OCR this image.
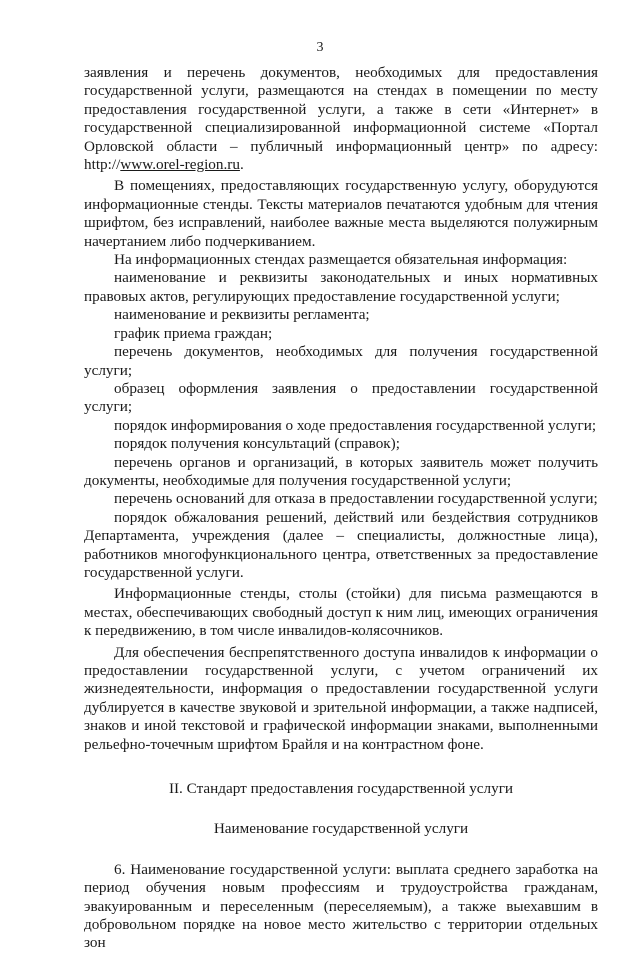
3

заявления и перечень документов, необходимых для предоставления государственной услуги, размещаются на стендах в помещении по месту предоставления государственной услуги, а также в сети «Интернет» в государственной специализированной информационной системе «Портал Орловской области – публичный информационный центр» по адресу: http://www.orel-region.ru.

В помещениях, предоставляющих государственную услугу, оборудуются информационные стенды. Тексты материалов печатаются удобным для чтения шрифтом, без исправлений, наиболее важные места выделяются полужирным начертанием либо подчеркиванием.

На информационных стендах размещается обязательная информация:

наименование и реквизиты законодательных и иных нормативных правовых актов, регулирующих предоставление государственной услуги;

наименование и реквизиты регламента;

график приема граждан;

перечень документов, необходимых для получения государственной услуги;

образец оформления заявления о предоставлении государственной услуги;

порядок информирования о ходе предоставления государственной услуги;

порядок получения консультаций (справок);

перечень органов и организаций, в которых заявитель может получить документы, необходимые для получения государственной услуги;

перечень оснований для отказа в предоставлении государственной услуги;

порядок обжалования решений, действий или бездействия сотрудников Департамента, учреждения (далее – специалисты, должностные лица), работников многофункционального центра, ответственных за предоставление государственной услуги.

Информационные стенды, столы (стойки) для письма размещаются в местах, обеспечивающих свободный доступ к ним лиц, имеющих ограничения к передвижению, в том числе инвалидов-колясочников.

Для обеспечения беспрепятственного доступа инвалидов к информации о предоставлении государственной услуги, с учетом ограничений их жизнедеятельности, информация о предоставлении государственной услуги дублируется в качестве звуковой и зрительной информации, а также надписей, знаков и иной текстовой и графической информации знаками, выполненными рельефно-точечным шрифтом Брайля и на контрастном фоне.

II. Стандарт предоставления государственной услуги

Наименование государственной услуги

6. Наименование государственной услуги: выплата среднего заработка на период обучения новым профессиям и трудоустройства гражданам, эвакуированным и переселенным (переселяемым), а также выехавшим в добровольном порядке на новое место жительство с территории отдельных зон
